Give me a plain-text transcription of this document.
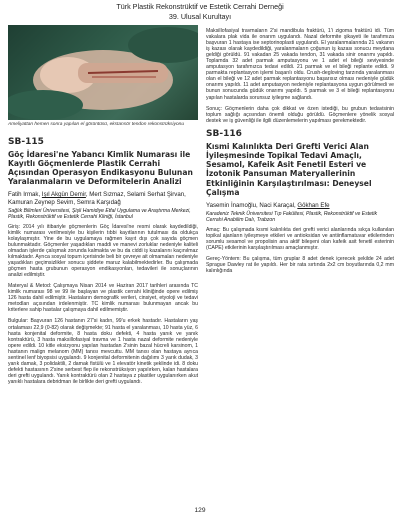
Türk Plastik Rekonstrüktif ve Estetik Cerrahi Derneği
39. Ulusal Kurultayı
Ameliyattan hemen sonra yapılan el görüntüsü, ekstansör tendon rekonstrüksiyonu
SB-115
Göç İdaresi'ne Yabancı Kimlik Numarası ile Kayıtlı Göçmenlerde Plastik Cerrahi Açısından Operasyon Endikasyonu Bulunan Yaralanmaların ve Deformitelerin Analizi
Fatih Irmak, Işıl Akgün Demir, Mert Sızmaz, Selami Serhat Şirvan, Kamuran Zeynep Sevim, Semra Karşıdağ
Sağlık Bilimleri Üniversitesi, Şişli Hamidiye Etfal Uygulama ve Araştırma Merkezi, Plastik, Rekonstrüktif ve Estetik Cerrahi Kliniği, İstanbul

Giriş: 2014 yılı itibariyle göçmenlerin Göç İdaresi'ne resmi olarak kaydedildiği, kimlik numarası verilmesiyle bu kişilerin tıbbi kayıtlarının tutulması da oldukça kolaylaşmıştır. Yine de bu uygulamaya rağmen kayıt dışı çok sayıda göçmen bulunmaktadır. Göçmenler yaşadıkları maddi ve manevi zorluklar nedeniyle kaliteli olmadan işlerde çalışmak zorunda kalmakta ve bu da ciddi iş kazalarını kaçınılmaz kılmaktadır. Ayrıca sosyal topum içerisinde beli bir çevreye ait olmamaları nedeniyle yaşadıkları geçimsizlikler sonucu şiddete maruz kalabilmektedirler. Bu çalışmada göçmen hasta grubunun operasyon endikasyonları, tedavileri ile sonuçlarının analizi edilmiştir.

Materyal & Metod: Çalışmaya Nisan 2014 ve Haziran 2017 tarihleri arasında TC kimlik numarası 98 ve 99 ile başlayan ve plastik cerrahi kliniğinde opere edilmiş 126 hasta dahil edilmiştir. Hastaların demografik verileri, cinsiyet, etyoloji ve tedavi metodları açısından irdelenmiştir. TC kimlik numarası bulunmayan ancak bu kriterlere sahip hastalar çalışmaya dahil edilmemiştir.

Bulgular: Başvuran 126 hastanın 27'si kadın, 99'u erkek hastadır. Hastaların yaş ortalaması 22,9 (0-82) olarak değişmekte; 91 hasta el yaralanması, 10 hasta yüz, 6 hasta konjenital deformite, 8 hasta doku defekti, 4 hasta yanık ve yanık kontraktürü, 3 hasta maksillofasiyal travma ve 1 hasta nazal deformite nedeniyle opere edildi. 10 kitle eksizyonu yapılan hastadan 2'sinin bazal hücreli karsinom, 1 hastanın malign melanom (MM) tanısı mevcuttu. MM tanısı olan hastaya ayrıca sentinel lenf biyopsisi uygulandı. 9 konjenital deformitenin dağılımı 3 yarık dudak, 3 yarık damak, 3 polidaktili, 2 damak fistülü ve 1 elevatör kinetik şeklinde idi. 8 doku defekti hastasının 2'sine serbest flep ile rekonstrüksiyon yapılırken, kalan hastalara deri grefti uygulandı. Yanık kontraktürü olan 2 hastaya z plastiler uygulanırken akut yanıklı hastalara debridman ile birlikte deri grefti uygulandı.

Maksillofasiyal travmaların 2'si mandibula fraktürü, 1'i zigoma fraktürü idi. Tüm vakalara plak vida ile onarım uygulandı. Nazal deformite şikayeti ile tarafımıza başvuran 1 hastaya ise septorinoplasti uygulandı. El yaralanmalarında 21 vakanın iş kazası olarak kaydedildiği, yaralanmaların çoğunun iş kazası sonucu meydana geldiği görüldü. 91 vakadan 25 vakada tendon, 31 vakada sinir onarımı yapıldı. Toplamda 32 adet parmak amputasyonu ve 1 adet el bileği seviyesinde amputasyon tarafımızca tedavi edildi. 21 parmak ve el bileği replante edildi. 9 parmakta replantasyon işlemi başarılı oldu. Crush-degloving tarzında yaralanması olan el bileği ve 12 adet parmak replantasyonu başarısız olması nedeniyle güdük onarımı yapıldı. 11 adet amputasyon nedeniyle replantasyona uygun görülmedi ve bunun sonucunda güdük onarımı yapıldı. 5 parmak ve 3 el bileği replantasyonu yapılan hastalarda sorunsuz iyileşme sağlandı.

Sonuç: Göçmenlerin daha çok dikkat ve özen istediği, bu grubun tedavisinin toplum sağlığı açısından önemli olduğu görüldü. Göçmenlere yönelik sosyal destek ve iş güvenliği ile ilgili düzenlemelerin yapılması gerekmektedir.

SB-116
Kısmi Kalınlıkta Deri Grefti Verici Alan İyileşmesinde Topikal Tedavi Amaçlı, Sesamol, Kafeik Asit Fenetil Esteri ve İzotonik Pansuman Materyallerinin Etkinliğinin Karşılaştırılması: Deneysel Çalışma
Yasemin İnamoğlu, Naci Karaçal, Gökhan Efe
Karadeniz Teknik Üniversitesi Tıp Fakültesi, Plastik, Rekonstrüktif ve Estetik Cerrahi Anabilim Dalı, Trabzon

Amaç: Bu çalışmada kısmi kalınlıkta deri grefti verici alanlarında sıkça kullanılan topikal ajanların iyileşmeye etkileri ve antioksidan ve antiinflamatuvar etkilerinden sorumlu sesamol ve propolisin ana aktif bileşeni olan kafeik asit fenetil esterinin (CAPE) etkilerinin karşılaştırılması amaçlanmıştır.

Gereç-Yöntem: Bu çalışma, tüm gruplar 8 adet denek içerecek şekilde 24 adet Sprague Dawley rat ile yapıldı. Her bir rata sırtında 2x2 cm boyutlarında 0,2 mm kalınlığında

129
